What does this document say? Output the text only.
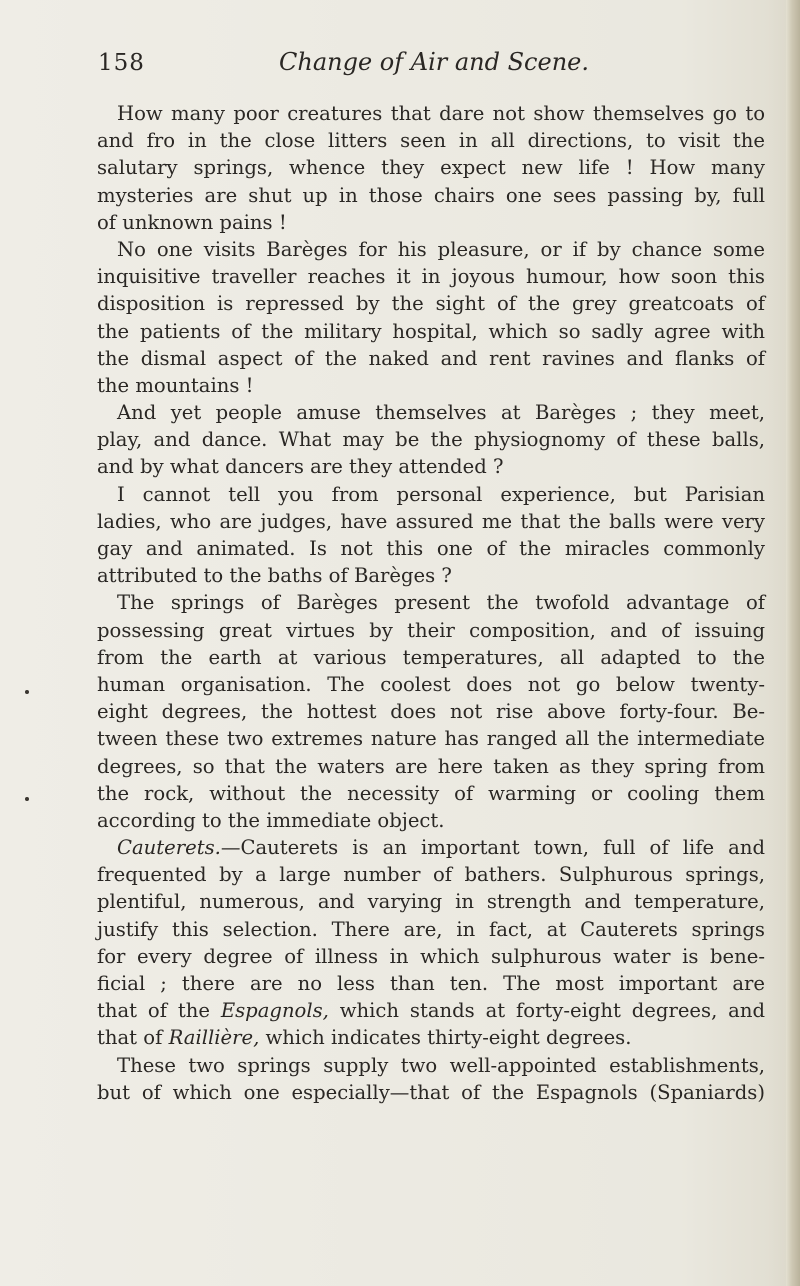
158	Change of Air and Scene.
How many poor creatures that dare not show themselves go to
and fro in the close litters seen in all directions, to visit the
salutary springs, whence they expect new life ! How many
mysteries are shut up in those chairs one sees passing by, full
of unknown pains !
No one visits Barèges for his pleasure, or if by chance some
inquisitive traveller reaches it in joyous humour, how soon this
disposition is repressed by the sight of the grey greatcoats of
the patients of the military hospital, which so sadly agree with
the dismal aspect of the naked and rent ravines and flanks of
the mountains !
And yet people amuse themselves at Barèges ; they meet,
play, and dance. What may be the physiognomy of these balls,
and by what dancers are they attended ?
I cannot tell you from personal experience, but Parisian
ladies, who are judges, have assured me that the balls were very
gay and animated. Is not this one of the miracles commonly
attributed to the baths of Barèges ?
The springs of Barèges present the twofold advantage of
possessing great virtues by their composition, and of issuing
from the earth at various temperatures, all adapted to the
human organisation. The coolest does not go below twenty-
eight degrees, the hottest does not rise above forty-four. Be-
tween these two extremes nature has ranged all the intermediate
degrees, so that the waters are here taken as they spring from
the rock, without the necessity of warming or cooling them
according to the immediate object.
Cauterets.—Cauterets is an important town, full of life and
frequented by a large number of bathers. Sulphurous springs,
plentiful, numerous, and varying in strength and temperature,
justify this selection. There are, in fact, at Cauterets springs
for every degree of illness in which sulphurous water is bene-
ficial ; there are no less than ten. The most important are
that of the Espagnols, which stands at forty-eight degrees, and
that of Raillière, which indicates thirty-eight degrees.
These two springs supply two well-appointed establishments,
but of which one especially—that of the Espagnols (Spaniards)
